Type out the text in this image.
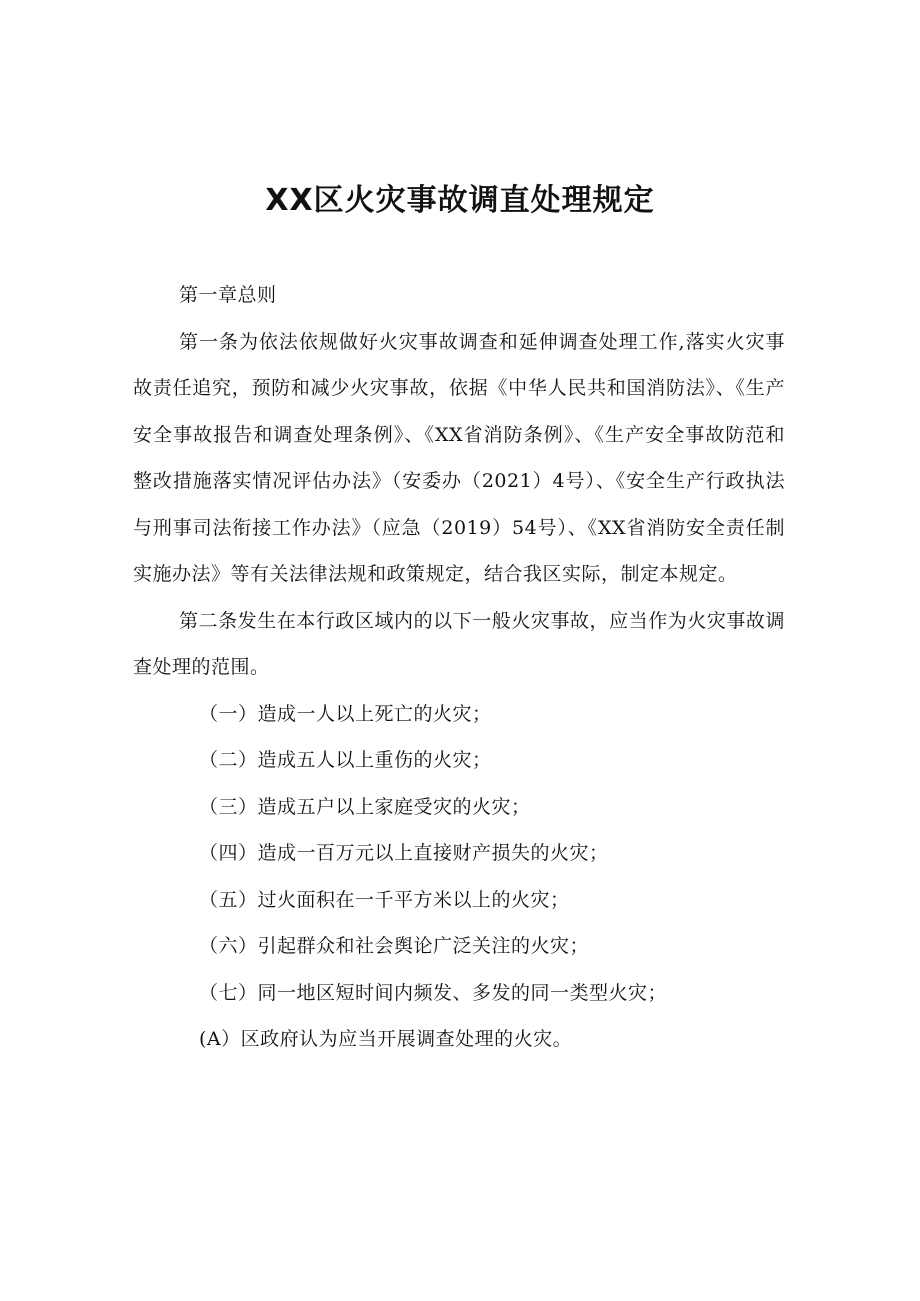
XX区火灾事故调直处理规定

第一章总则

第一条为依法依规做好火灾事故调查和延伸调查处理工作,落实火灾事故责任追究，预防和减少火灾事故，依据《中华人民共和国消防法》、《生产安全事故报告和调查处理条例》、《XX省消防条例》、《生产安全事故防范和整改措施落实情况评估办法》（安委办（2021）4号）、《安全生产行政执法与刑事司法衔接工作办法》（应急（2019）54号）、《XX省消防安全责任制实施办法》等有关法律法规和政策规定，结合我区实际，制定本规定。

第二条发生在本行政区域内的以下一般火灾事故，应当作为火灾事故调查处理的范围。

（一）造成一人以上死亡的火灾；

（二）造成五人以上重伤的火灾；

（三）造成五户以上家庭受灾的火灾；

（四）造成一百万元以上直接财产损失的火灾；

（五）过火面积在一千平方米以上的火灾；

（六）引起群众和社会舆论广泛关注的火灾；

（七）同一地区短时间内频发、多发的同一类型火灾；

(A）区政府认为应当开展调查处理的火灾。
